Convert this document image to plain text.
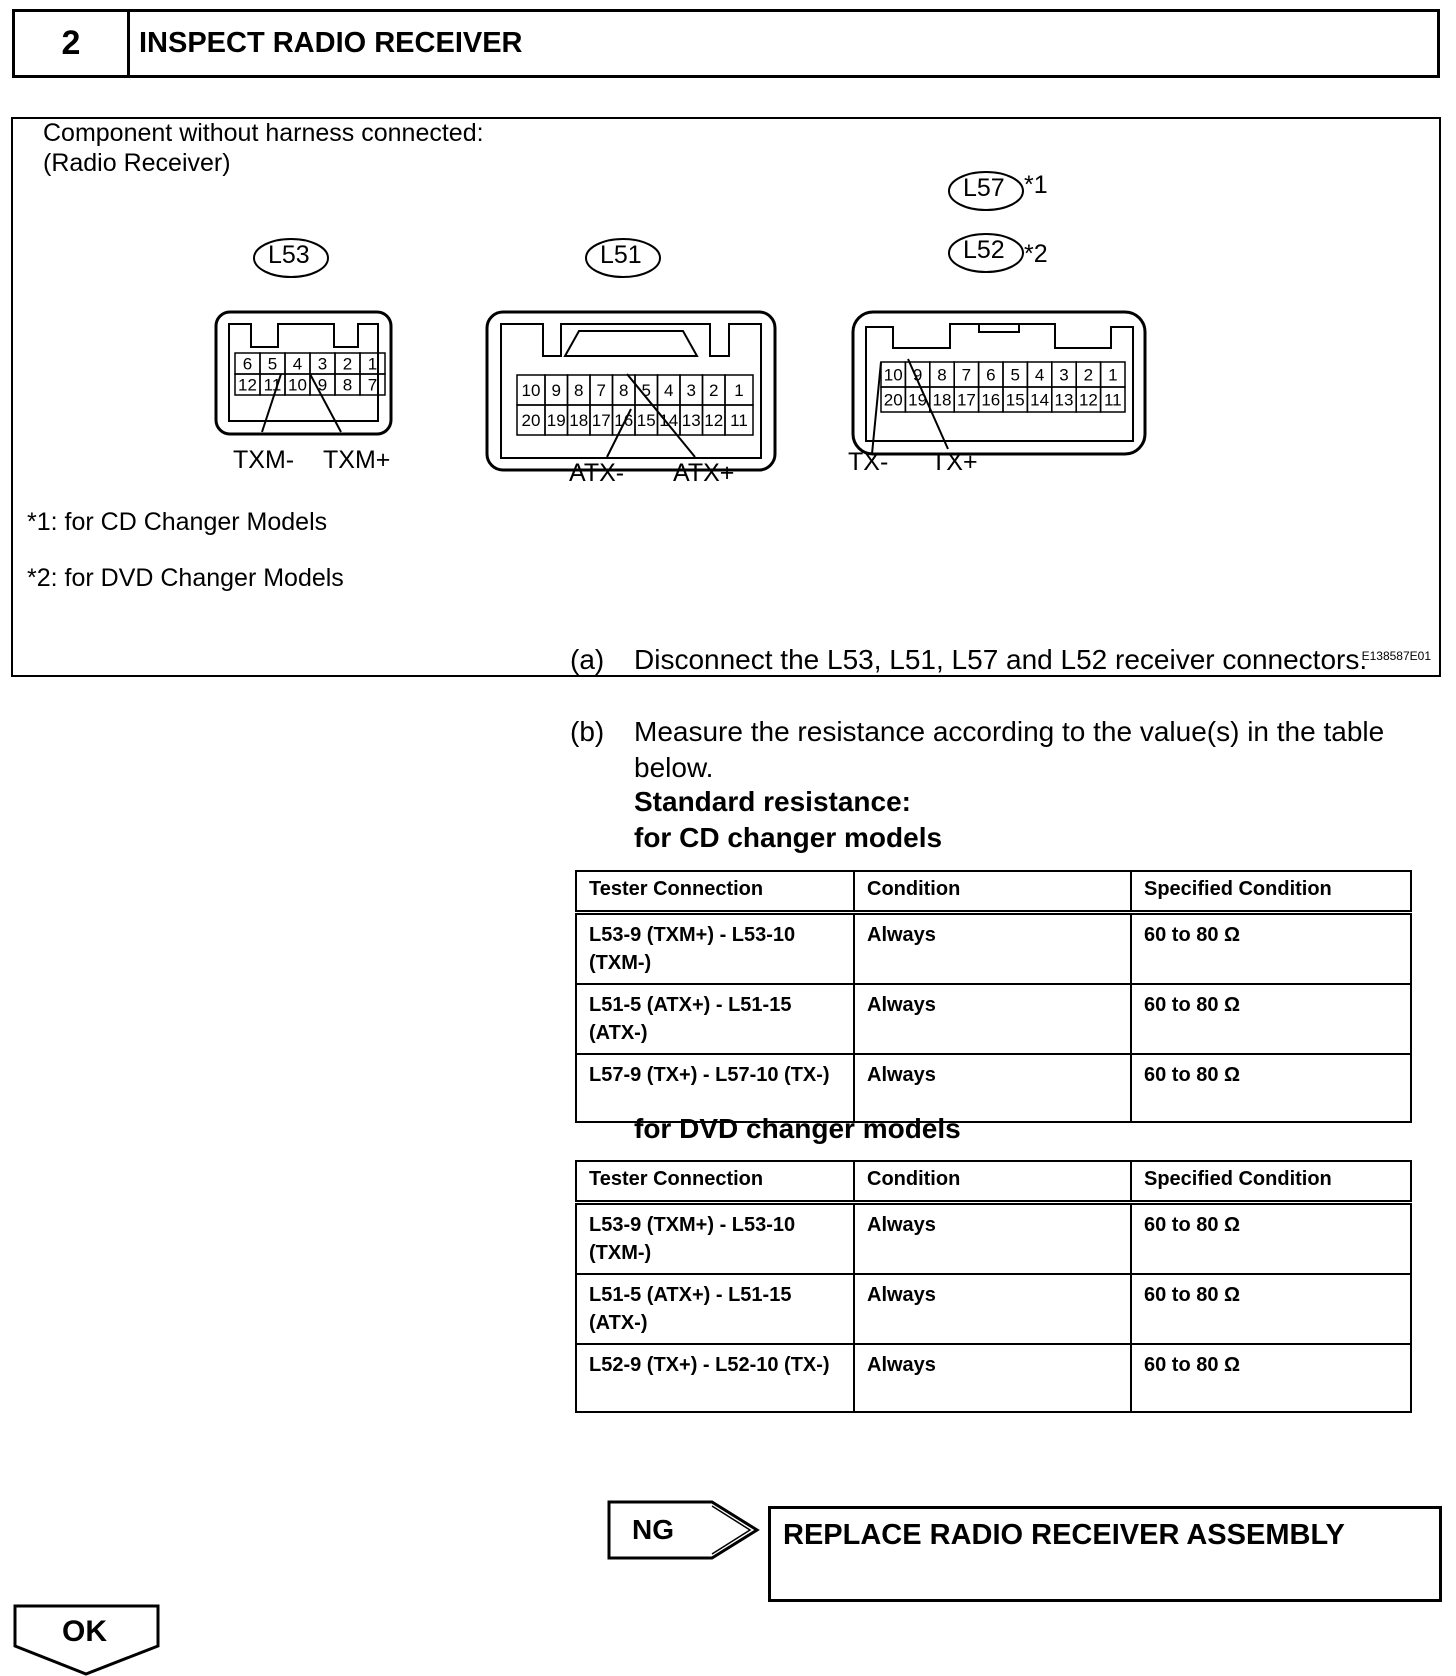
2	INSPECT RADIO RECEIVER
Component without harness connected:
(Radio Receiver)
6 5 4 3 2 1
12 11 10 9 8 7	10 9 8 7 8 5 4 3 2 1
20 19 18 17 16 15 14 13 12 11
10 9 8 7 6 5 4 3 2 1
20 19 18 17 16 15 14 13 12 11
L53	L51
L57 *1
L52 *2
TXM- TXM+	ATX- ATX+	TX- TX+
*1: for CD Changer Models
*2: for DVD Changer Models
E138587E01
(a) Disconnect the L53, L51, L57 and L52 receiver connectors.
(b) Measure the resistance according to the value(s) in the table below.
Standard resistance:
for CD changer models
Tester Connection	Condition	Specified Condition
L53-9 (TXM+) - L53-10 (TXM-)	Always	60 to 80 Ω
L51-5 (ATX+) - L51-15 (ATX-)	Always	60 to 80 Ω
L57-9 (TX+) - L57-10 (TX-)	Always	60 to 80 Ω
for DVD changer models
Tester Connection	Condition	Specified Condition
L53-9 (TXM+) - L53-10 (TXM-)	Always	60 to 80 Ω
L51-5 (ATX+) - L51-15 (ATX-)	Always	60 to 80 Ω
L52-9 (TX+) - L52-10 (TX-)	Always	60 to 80 Ω
NG	REPLACE RADIO RECEIVER ASSEMBLY
OK
